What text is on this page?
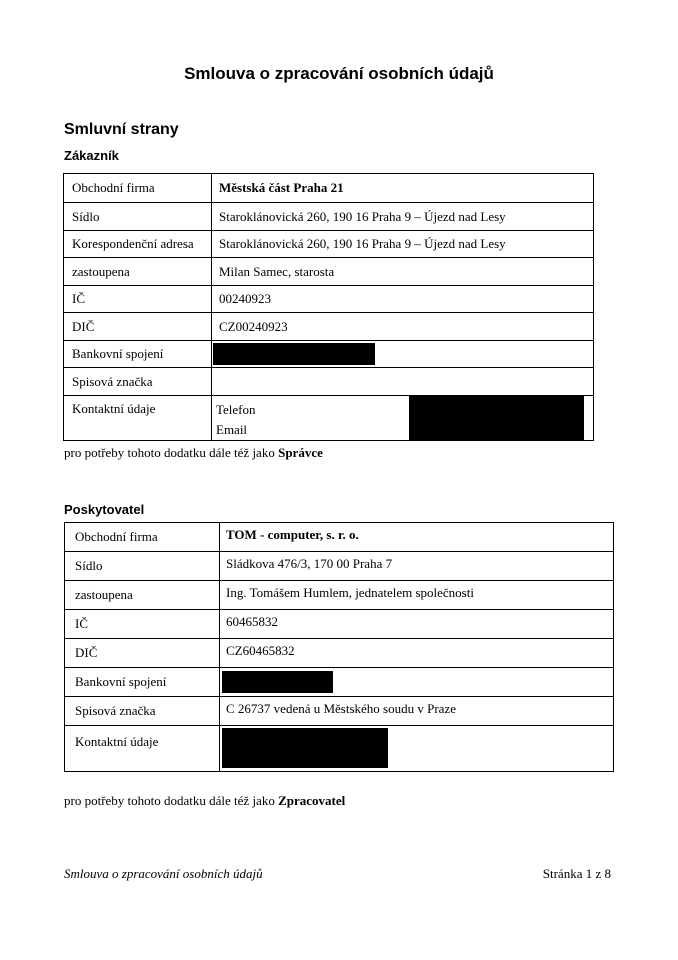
Smlouva o zpracování osobních údajů
Smluvní strany
Zákazník
Obchodní firma	Městská část Praha 21
Sídlo	Staroklánovická 260, 190 16 Praha 9 – Újezd nad Lesy
Korespondenční adresa	Staroklánovická 260, 190 16 Praha 9 – Újezd nad Lesy
zastoupena	Milan Samec, starosta
IČ	00240923
DIČ	CZ00240923
Bankovní spojení	

Spisová značka	
Kontaktní údaje	Telefon
Email
pro potřeby tohoto dodatku dále též jako Správce
Poskytovatel
Obchodní firma	TOM - computer, s. r. o.
Sídlo	Sládkova 476/3, 170 00 Praha 7
zastoupena	Ing. Tomášem Humlem, jednatelem společnosti
IČ	60465832
DIČ	CZ60465832
Bankovní spojení	

Spisová značka	C 26737 vedená u Městského soudu v Praze
Kontaktní údaje	
pro potřeby tohoto dodatku dále též jako Zpracovatel
Smlouva o zpracování osobních údajů	Stránka 1 z 8
